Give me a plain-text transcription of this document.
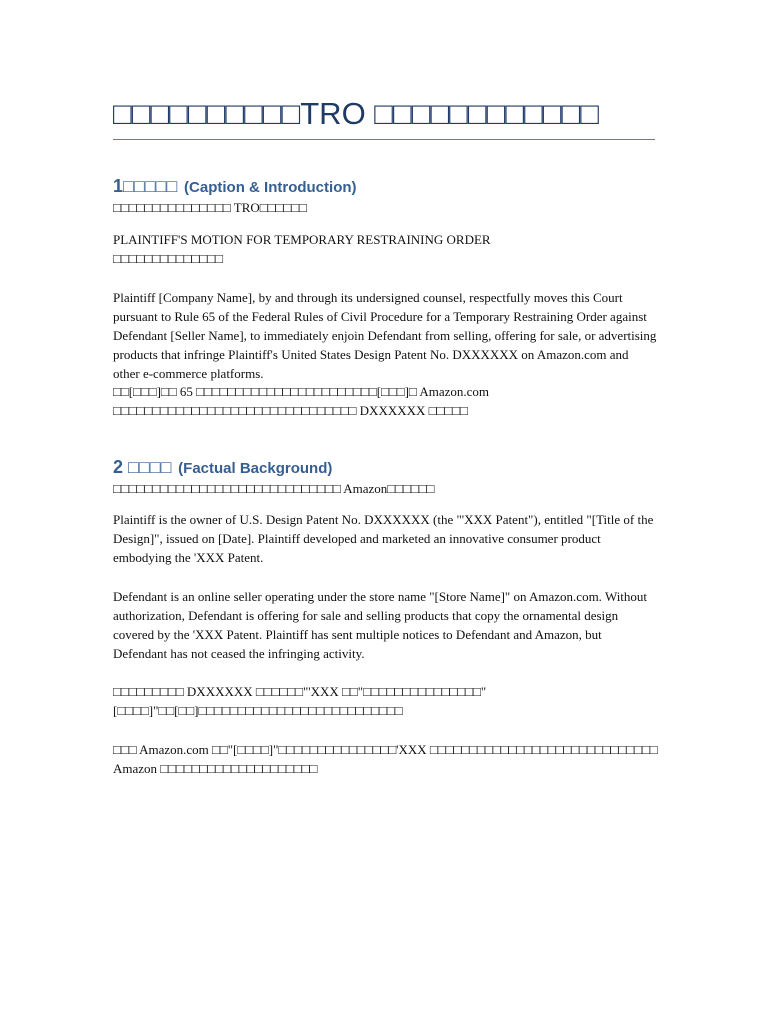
□□□□□□□□□□TRO □□□□□□□□□□□□
1□□□□□ (Caption & Introduction)

□□□□□□□□□□□□□□□ TRO□□□□□□

PLAINTIFF'S MOTION FOR TEMPORARY RESTRAINING ORDER

□□□□□□□□□□□□□□

Plaintiff [Company Name], by and through its undersigned counsel, respectfully moves this Court pursuant to Rule 65 of the Federal Rules of Civil Procedure for a Temporary Restraining Order against Defendant [Seller Name], to immediately enjoin Defendant from selling, offering for sale, or advertising products that infringe Plaintiff's United States Design Patent No. DXXXXXX on Amazon.com and other e-commerce platforms.

□□[□□□]□□ 65 □□□□□□□□□□□□□□□□□□□□□□□[□□□]□ Amazon.com □□□□□□□□□□□□□□□□□□□□□□□□□□□□□□□ DXXXXXX □□□□□

2 □□□□ (Factual Background)

□□□□□□□□□□□□□□□□□□□□□□□□□□□□□ Amazon□□□□□□

Plaintiff is the owner of U.S. Design Patent No. DXXXXXX (the "'XXX Patent"), entitled "[Title of the Design]", issued on [Date]. Plaintiff developed and marketed an innovative consumer product embodying the 'XXX Patent.

Defendant is an online seller operating under the store name "[Store Name]" on Amazon.com. Without authorization, Defendant is offering for sale and selling products that copy the ornamental design covered by the 'XXX Patent. Plaintiff has sent multiple notices to Defendant and Amazon, but Defendant has not ceased the infringing activity.

□□□□□□□□□ DXXXXXX □□□□□□"'XXX □□"□□□□□□□□□□□□□□□"[□□□□]"□□[□□]□□□□□□□□□□□□□□□□□□□□□□□□□□

□□□ Amazon.com □□"[□□□□]"□□□□□□□□□□□□□□□'XXX □□□□□□□□□□□□□□□□□□□□□□□□□□□□□ Amazon □□□□□□□□□□□□□□□□□□□□
